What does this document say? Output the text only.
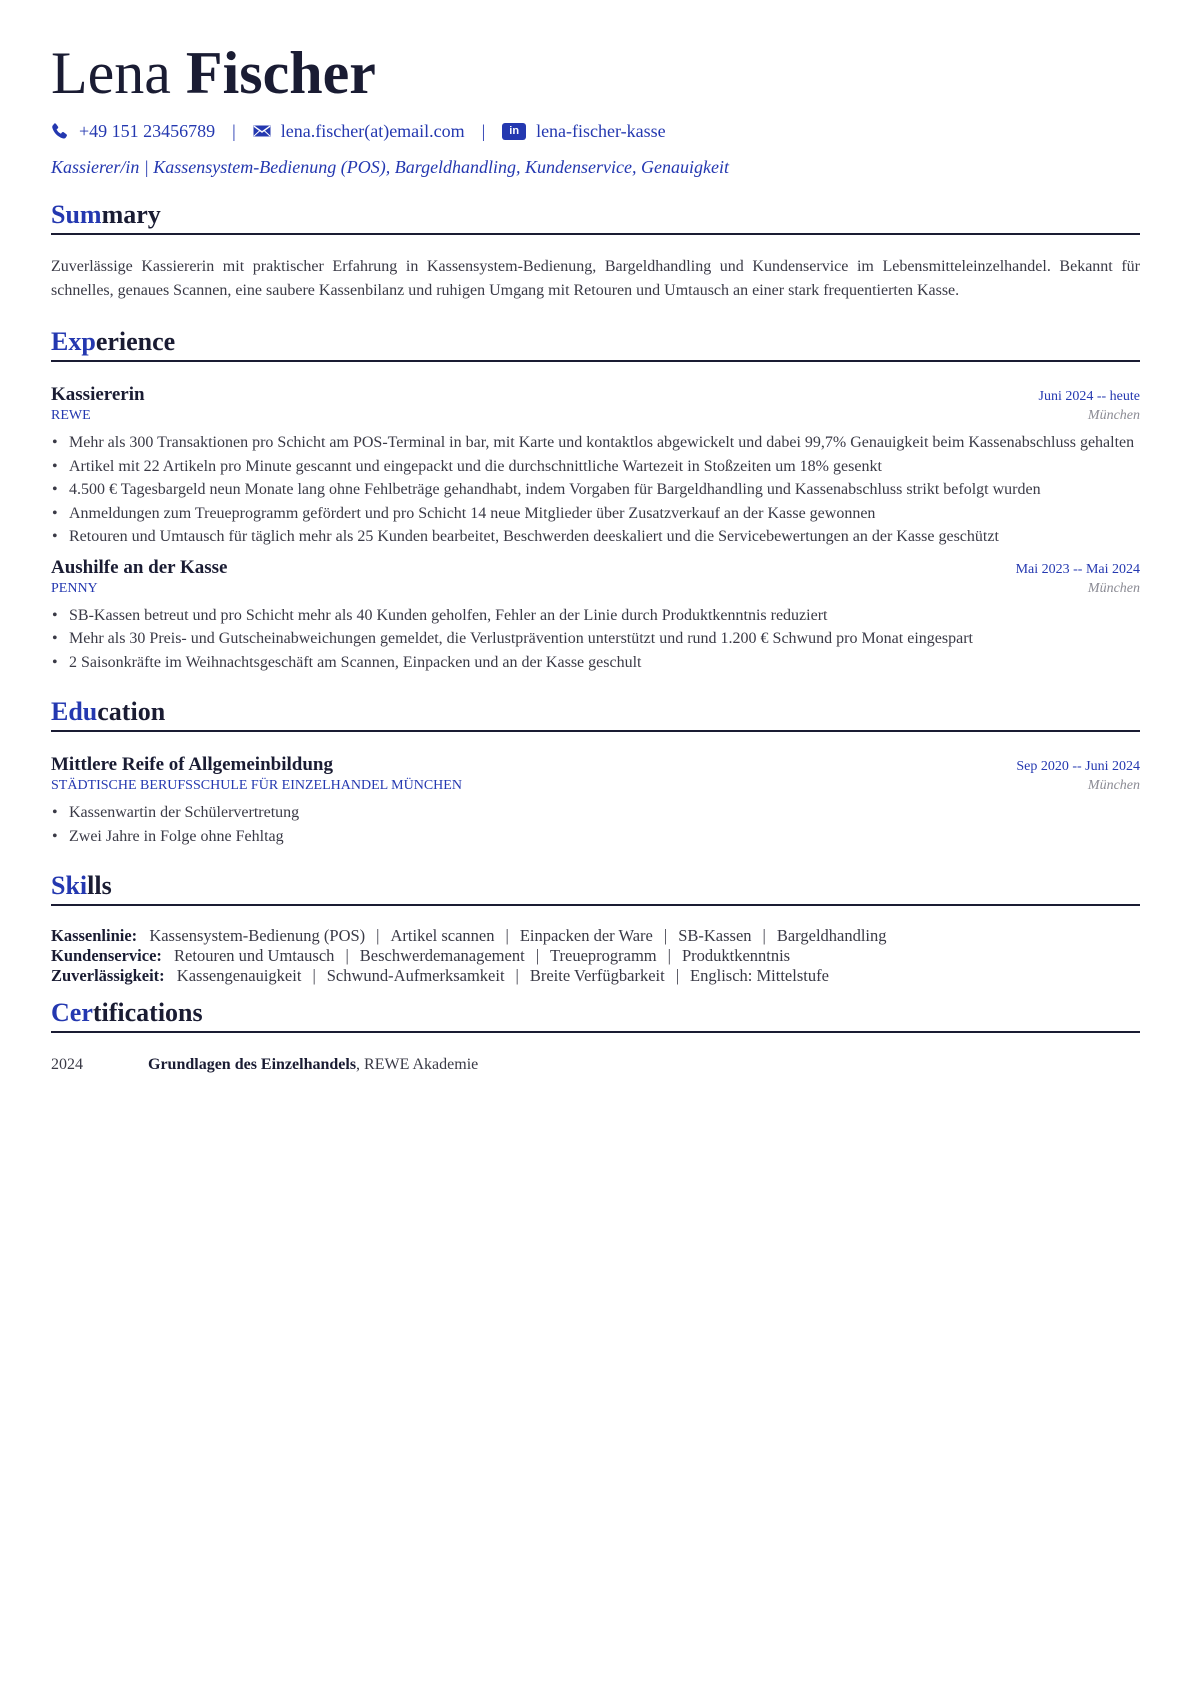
Lena Fischer
+49 151 23456789 |	lena.fischer(at)email.com |	in lena-fischer-kasse
Kassierer/in | Kassensystem-Bedienung (POS), Bargeldhandling, Kundenservice, Genauigkeit
Summary
Zuverlässige Kassiererin mit praktischer Erfahrung in Kassensystem-Bedienung, Bargeldhandling und Kundenservice im Lebensmitteleinzelhandel. Bekannt für schnelles, genaues Scannen, eine saubere Kassenbilanz und ruhigen Umgang mit Retouren und Umtausch an einer stark frequentierten Kasse.
Experience
Kassiererin	Juni 2024 -- heute
REWE	München
• Mehr als 300 Transaktionen pro Schicht am POS-Terminal in bar, mit Karte und kontaktlos abgewickelt und dabei 99,7% Genauigkeit beim Kassenabschluss gehalten
• Artikel mit 22 Artikeln pro Minute gescannt und eingepackt und die durchschnittliche Wartezeit in Stoßzeiten um 18% gesenkt
• 4.500 € Tagesbargeld neun Monate lang ohne Fehlbeträge gehandhabt, indem Vorgaben für Bargeldhandling und Kassenabschluss strikt befolgt wurden
• Anmeldungen zum Treueprogramm gefördert und pro Schicht 14 neue Mitglieder über Zusatzverkauf an der Kasse gewonnen
• Retouren und Umtausch für täglich mehr als 25 Kunden bearbeitet, Beschwerden deeskaliert und die Servicebewertungen an der Kasse geschützt
Aushilfe an der Kasse	Mai 2023 -- Mai 2024
PENNY	München
• SB-Kassen betreut und pro Schicht mehr als 40 Kunden geholfen, Fehler an der Linie durch Produktkenntnis reduziert
• Mehr als 30 Preis- und Gutscheinabweichungen gemeldet, die Verlustprävention unterstützt und rund 1.200 € Schwund pro Monat eingespart
• 2 Saisonkräfte im Weihnachtsgeschäft am Scannen, Einpacken und an der Kasse geschult
Education
Mittlere Reife of Allgemeinbildung	Sep 2020 -- Juni 2024
STÄDTISCHE BERUFSSCHULE FÜR EINZELHANDEL MÜNCHEN	München
• Kassenwartin der Schülervertretung
• Zwei Jahre in Folge ohne Fehltag
Skills
Kassenlinie: Kassensystem-Bedienung (POS) | Artikel scannen | Einpacken der Ware | SB-Kassen | Bargeldhandling
Kundenservice: Retouren und Umtausch | Beschwerdemanagement | Treueprogramm | Produktkenntnis
Zuverlässigkeit: Kassengenauigkeit | Schwund-Aufmerksamkeit | Breite Verfügbarkeit | Englisch: Mittelstufe
Certifications
2024	Grundlagen des Einzelhandels, REWE Akademie
